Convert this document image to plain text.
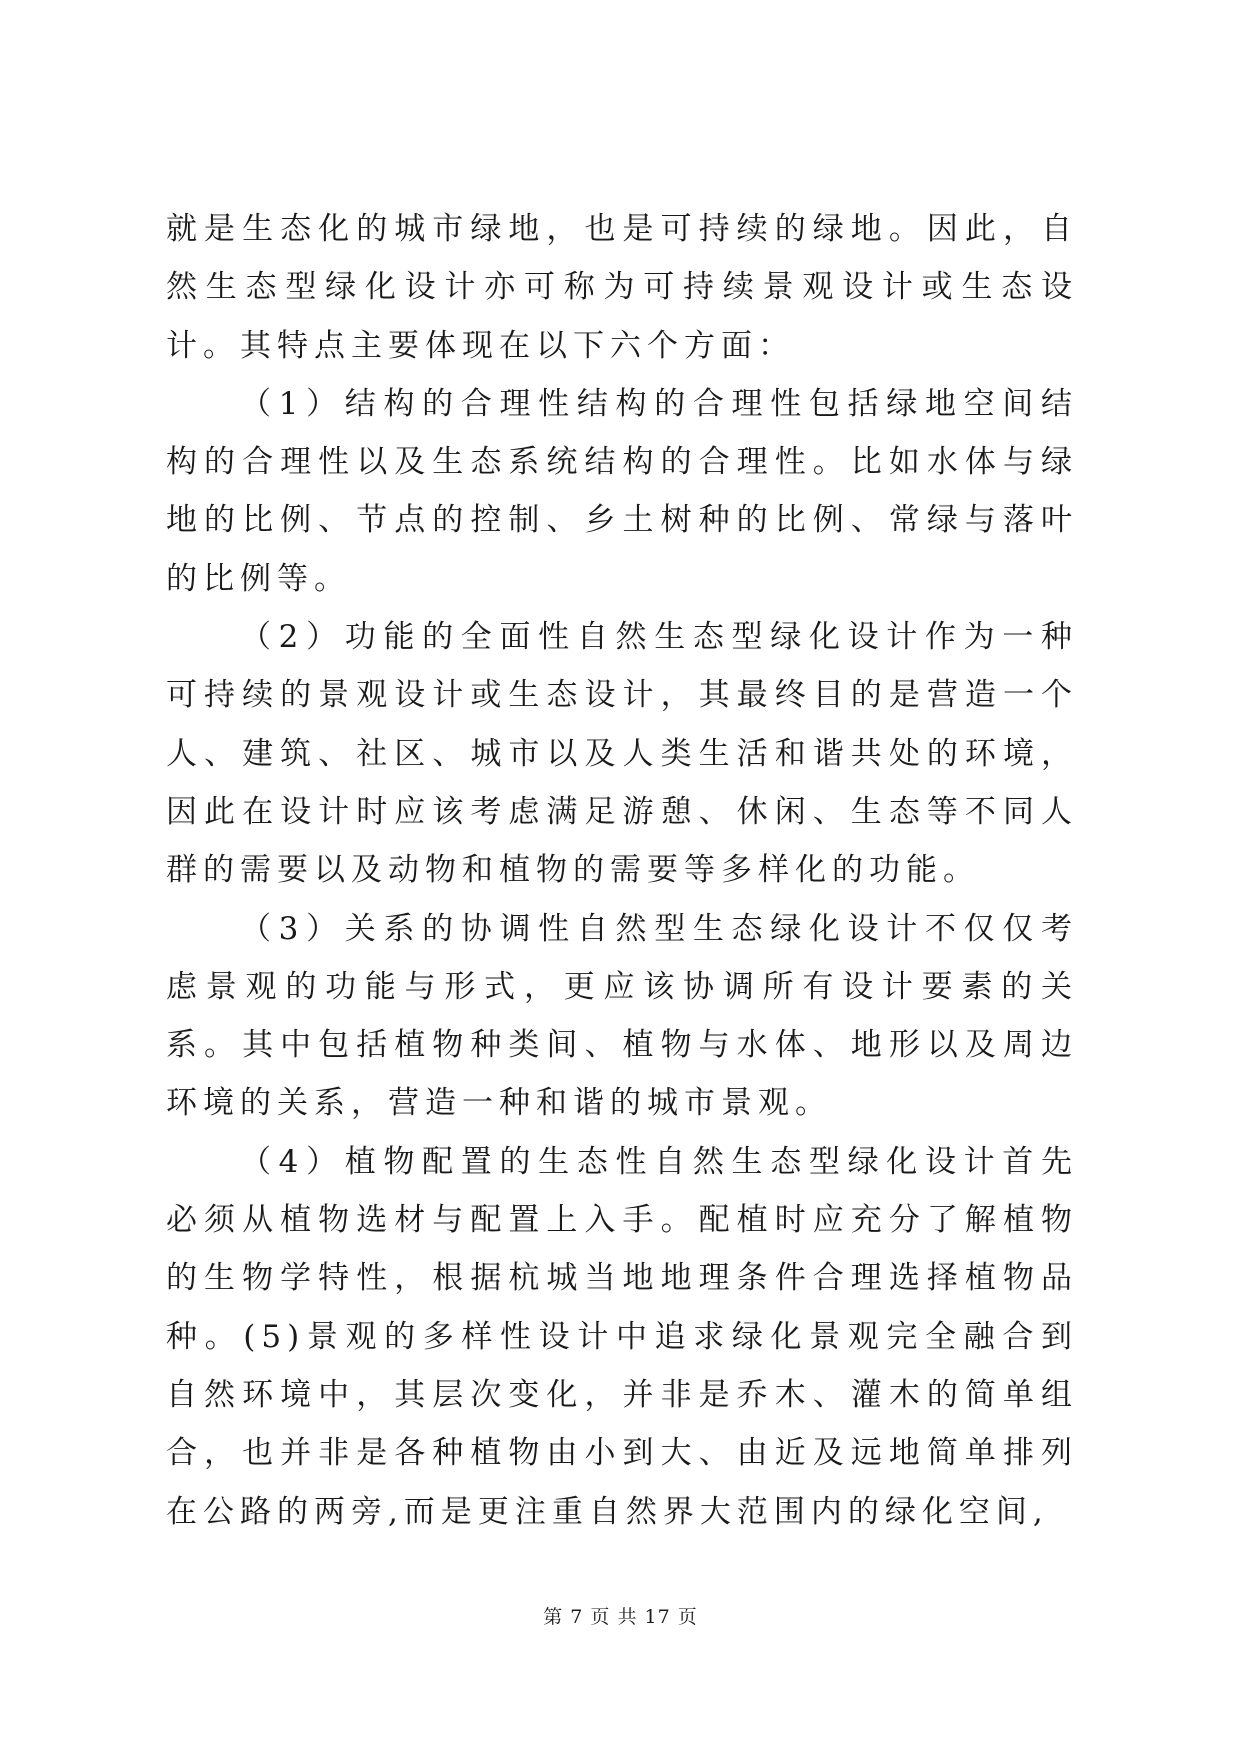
就是生态化的城市绿地，也是可持续的绿地。因此，自然生态型绿化设计亦可称为可持续景观设计或生态设计。其特点主要体现在以下六个方面：

（1）结构的合理性结构的合理性包括绿地空间结构的合理性以及生态系统结构的合理性。比如水体与绿地的比例、节点的控制、乡土树种的比例、常绿与落叶的比例等。

（2）功能的全面性自然生态型绿化设计作为一种可持续的景观设计或生态设计，其最终目的是营造一个人、建筑、社区、城市以及人类生活和谐共处的环境，因此在设计时应该考虑满足游憩、休闲、生态等不同人群的需要以及动物和植物的需要等多样化的功能。

（3）关系的协调性自然型生态绿化设计不仅仅考虑景观的功能与形式，更应该协调所有设计要素的关系。其中包括植物种类间、植物与水体、地形以及周边环境的关系，营造一种和谐的城市景观。

（4）植物配置的生态性自然生态型绿化设计首先必须从植物选材与配置上入手。配植时应充分了解植物的生物学特性，根据杭城当地地理条件合理选择植物品种。(5)景观的多样性设计中追求绿化景观完全融合到自然环境中，其层次变化，并非是乔木、灌木的简单组合，也并非是各种植物由小到大、由近及远地简单排列在公路的两旁,而是更注重自然界大范围内的绿化空间,

第 7 页 共 17 页
